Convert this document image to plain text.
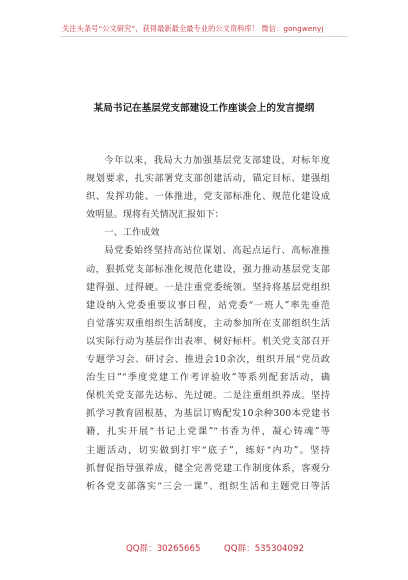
关注头条号“公文研究”，获得最新最全最专业的公文资料库！ 微信：gongwenyj
某局书记在基层党支部建设工作座谈会上的发言提纲

今年以来，我局大力加强基层党支部建设，对标年度

规划要求，扎实部署党支部创建活动，锚定目标、建强组

织、发挥功能、一体推进，党支部标准化、规范化建设成

效明显。现将有关情况汇报如下：

一、工作成效

局党委始终坚持高站位谋划、高起点运行、高标准推

动，狠抓党支部标准化规范化建设，强力推动基层党支部

建得强、过得硬。一是注重党委统领。坚持将基层党组织

建设纳入党委重要议事日程，站党委“一班人”率先垂范

自觉落实双重组织生活制度，主动参加所在支部组织生活

以实际行动为基层作出表率、树好标杆。机关党支部召开

专题学习会、研讨会、推进会10余次，组织开展“党员政

治生日”“季度党建工作考评验收”等系列配套活动，确

保机关党支部先达标、先过硬。二是注重组织养成。坚持

抓学习教育固根基，为基层订购配发10余种300本党建书

籍，扎实开展“书记上党课”“书香为伴，凝心铸魂”等

主题活动，切实做到打牢“底子”，练好“内功”。坚持

抓督促指导强养成，健全完善党建工作制度体系，客观分

析各党支部落实“三会一课”、组织生活和主题党日等活

QQ群：30265665	QQ群：535304092
